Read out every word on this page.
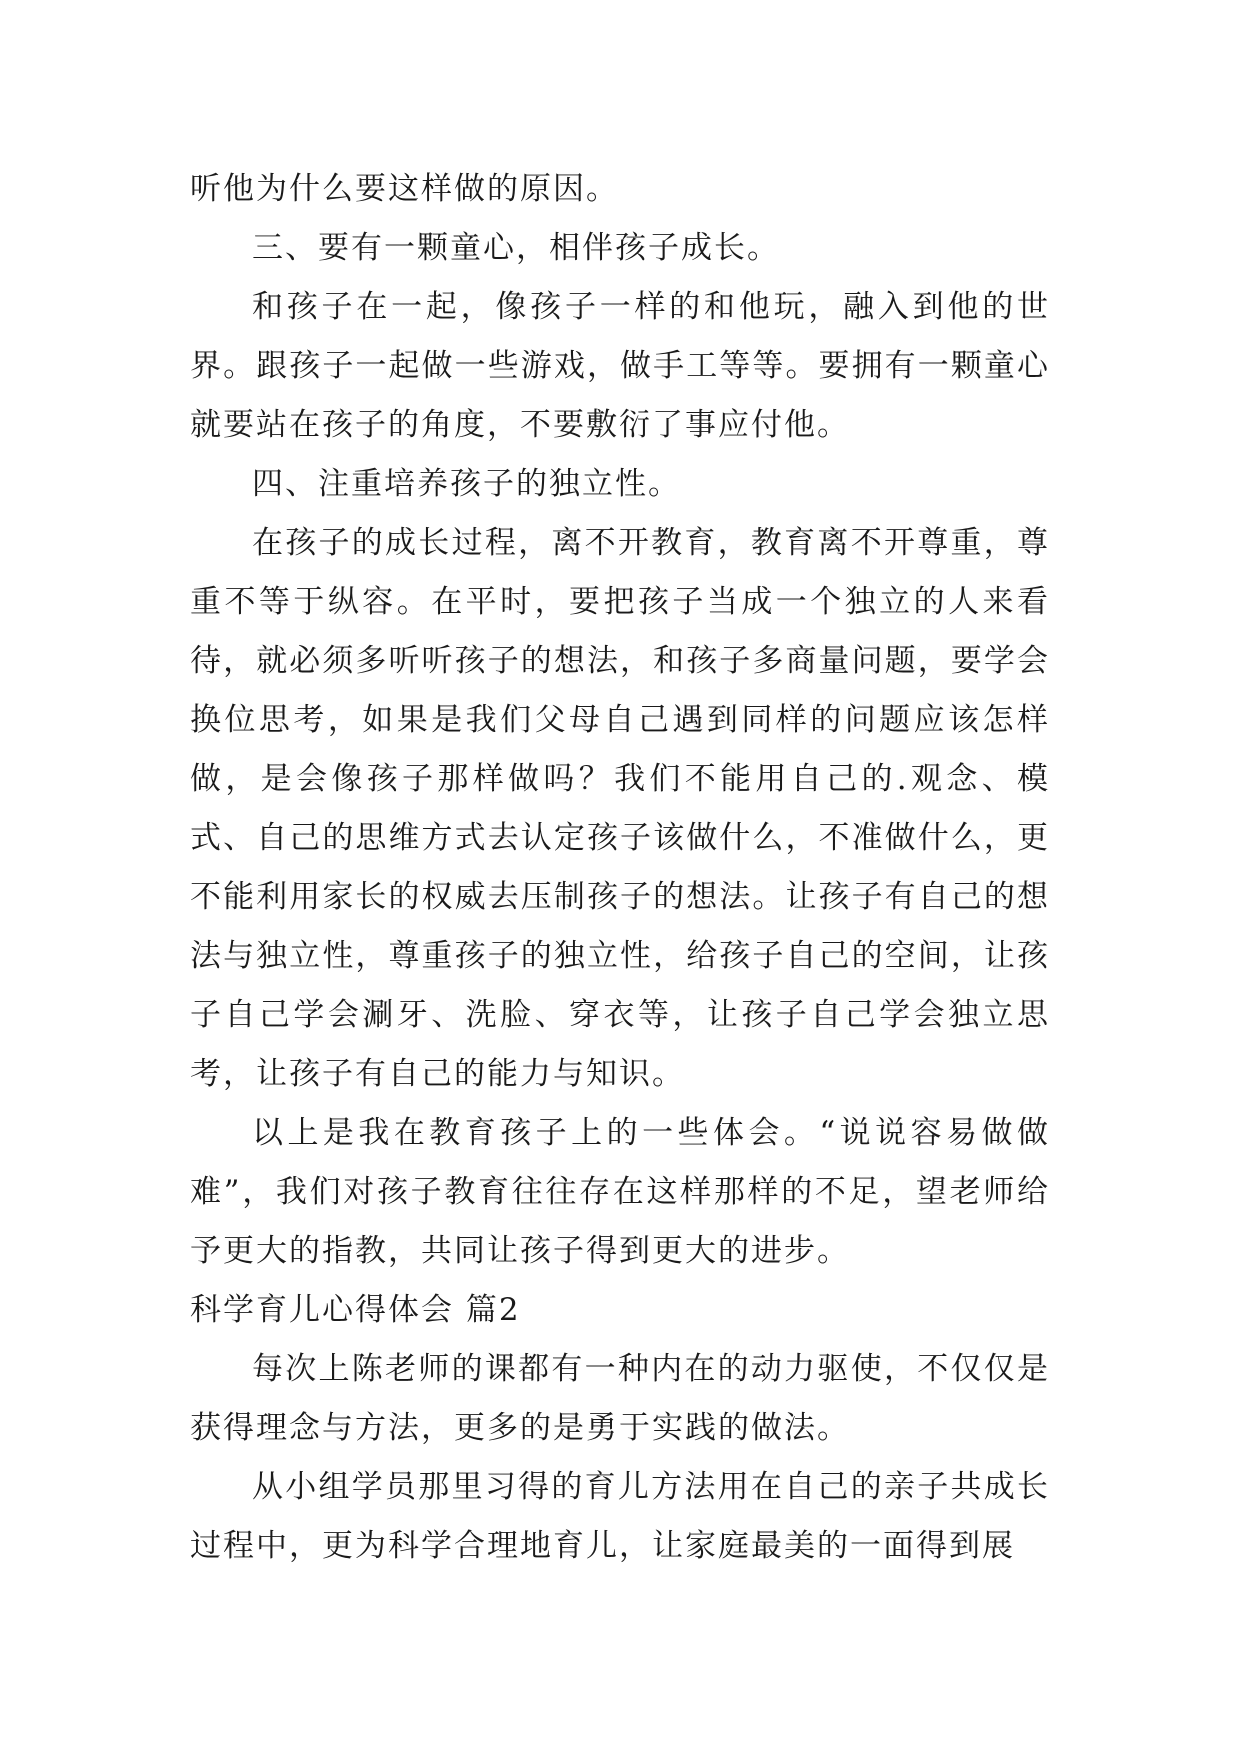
听他为什么要这样做的原因。

三、要有一颗童心，相伴孩子成长。

和孩子在一起，像孩子一样的和他玩，融入到他的世界。跟孩子一起做一些游戏，做手工等等。要拥有一颗童心就要站在孩子的角度，不要敷衍了事应付他。

四、注重培养孩子的独立性。

在孩子的成长过程，离不开教育，教育离不开尊重，尊重不等于纵容。在平时，要把孩子当成一个独立的人来看待，就必须多听听孩子的想法，和孩子多商量问题，要学会换位思考，如果是我们父母自己遇到同样的问题应该怎样做，是会像孩子那样做吗？我们不能用自己的.观念、模式、自己的思维方式去认定孩子该做什么，不准做什么，更不能利用家长的权威去压制孩子的想法。让孩子有自己的想法与独立性，尊重孩子的独立性，给孩子自己的空间，让孩子自己学会涮牙、洗脸、穿衣等，让孩子自己学会独立思考，让孩子有自己的能力与知识。

以上是我在教育孩子上的一些体会。“说说容易做做难”，我们对孩子教育往往存在这样那样的不足，望老师给予更大的指教，共同让孩子得到更大的进步。

科学育儿心得体会 篇2

每次上陈老师的课都有一种内在的动力驱使，不仅仅是获得理念与方法，更多的是勇于实践的做法。

从小组学员那里习得的育儿方法用在自己的亲子共成长过程中，更为科学合理地育儿，让家庭最美的一面得到展
